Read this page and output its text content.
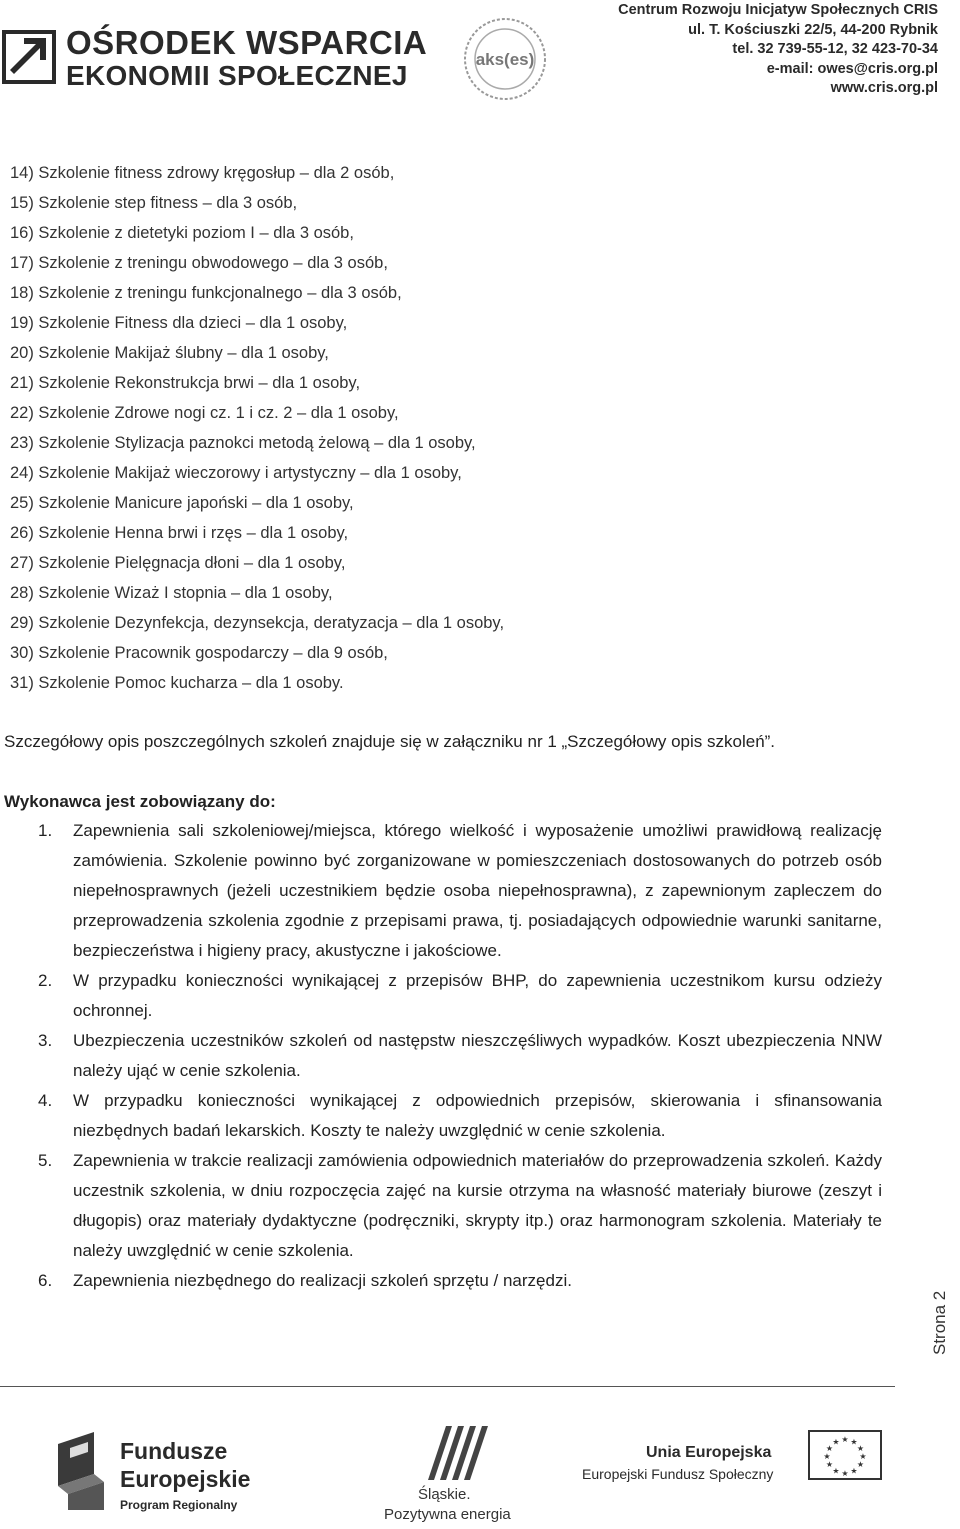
OŚRODEK WSPARCIA
EKONOMII SPOŁECZNEJ
aks(es)
Centrum Rozwoju Inicjatyw Społecznych CRIS
ul. T. Kościuszki 22/5, 44-200 Rybnik
tel. 32 739-55-12, 32 423-70-34
e-mail: owes@cris.org.pl
www.cris.org.pl
14) Szkolenie fitness zdrowy kręgosłup – dla 2 osób,
15) Szkolenie step fitness – dla 3 osób,
16) Szkolenie z dietetyki poziom I – dla 3 osób,
17) Szkolenie z treningu obwodowego – dla 3 osób,
18) Szkolenie z treningu funkcjonalnego – dla 3 osób,
19) Szkolenie Fitness dla dzieci – dla 1 osoby,
20) Szkolenie Makijaż ślubny – dla 1 osoby,
21) Szkolenie Rekonstrukcja brwi – dla 1 osoby,
22) Szkolenie Zdrowe nogi cz. 1 i cz. 2 – dla 1 osoby,
23) Szkolenie Stylizacja paznokci metodą żelową – dla 1 osoby,
24) Szkolenie Makijaż wieczorowy i artystyczny – dla 1 osoby,
25) Szkolenie Manicure japoński – dla 1 osoby,
26) Szkolenie Henna brwi i rzęs – dla 1 osoby,
27) Szkolenie Pielęgnacja dłoni – dla 1 osoby,
28) Szkolenie Wizaż I stopnia – dla 1 osoby,
29) Szkolenie Dezynfekcja, dezynsekcja, deratyzacja – dla 1 osoby,
30) Szkolenie Pracownik gospodarczy – dla 9 osób,
31) Szkolenie Pomoc kucharza – dla 1 osoby.
Szczegółowy opis poszczególnych szkoleń znajduje się w załączniku nr 1 „Szczegółowy opis szkoleń”.
Wykonawca jest zobowiązany do:
1. Zapewnienia sali szkoleniowej/miejsca, którego wielkość i wyposażenie umożliwi prawidłową realizację zamówienia. Szkolenie powinno być zorganizowane w pomieszczeniach dostosowanych do potrzeb osób niepełnosprawnych (jeżeli uczestnikiem będzie osoba niepełnosprawna), z zapewnionym zapleczem do przeprowadzenia szkolenia zgodnie z przepisami prawa, tj. posiadających odpowiednie warunki sanitarne, bezpieczeństwa i higieny pracy, akustyczne i jakościowe.
2. W przypadku konieczności wynikającej z przepisów BHP, do zapewnienia uczestnikom kursu odzieży ochronnej.
3. Ubezpieczenia uczestników szkoleń od następstw nieszczęśliwych wypadków. Koszt ubezpieczenia NNW należy ująć w cenie szkolenia.
4. W przypadku konieczności wynikającej z odpowiednich przepisów, skierowania i sfinansowania niezbędnych badań lekarskich. Koszty te należy uwzględnić w cenie szkolenia.
5. Zapewnienia w trakcie realizacji zamówienia odpowiednich materiałów do przeprowadzenia szkoleń. Każdy uczestnik szkolenia, w dniu rozpoczęcia zajęć na kursie otrzyma na własność materiały biurowe (zeszyt i długopis) oraz materiały dydaktyczne (podręczniki, skrypty itp.) oraz harmonogram szkolenia. Materiały te należy uwzględnić w cenie szkolenia.
6. Zapewnienia niezbędnego do realizacji szkoleń sprzętu / narzędzi.
Strona 2
Fundusze
Europejskie
Program Regionalny
Śląskie.
Pozytywna energia
Unia Europejska
Europejski Fundusz Społeczny
★ ★
★
★
★
★
★
★
★
★
★
★
